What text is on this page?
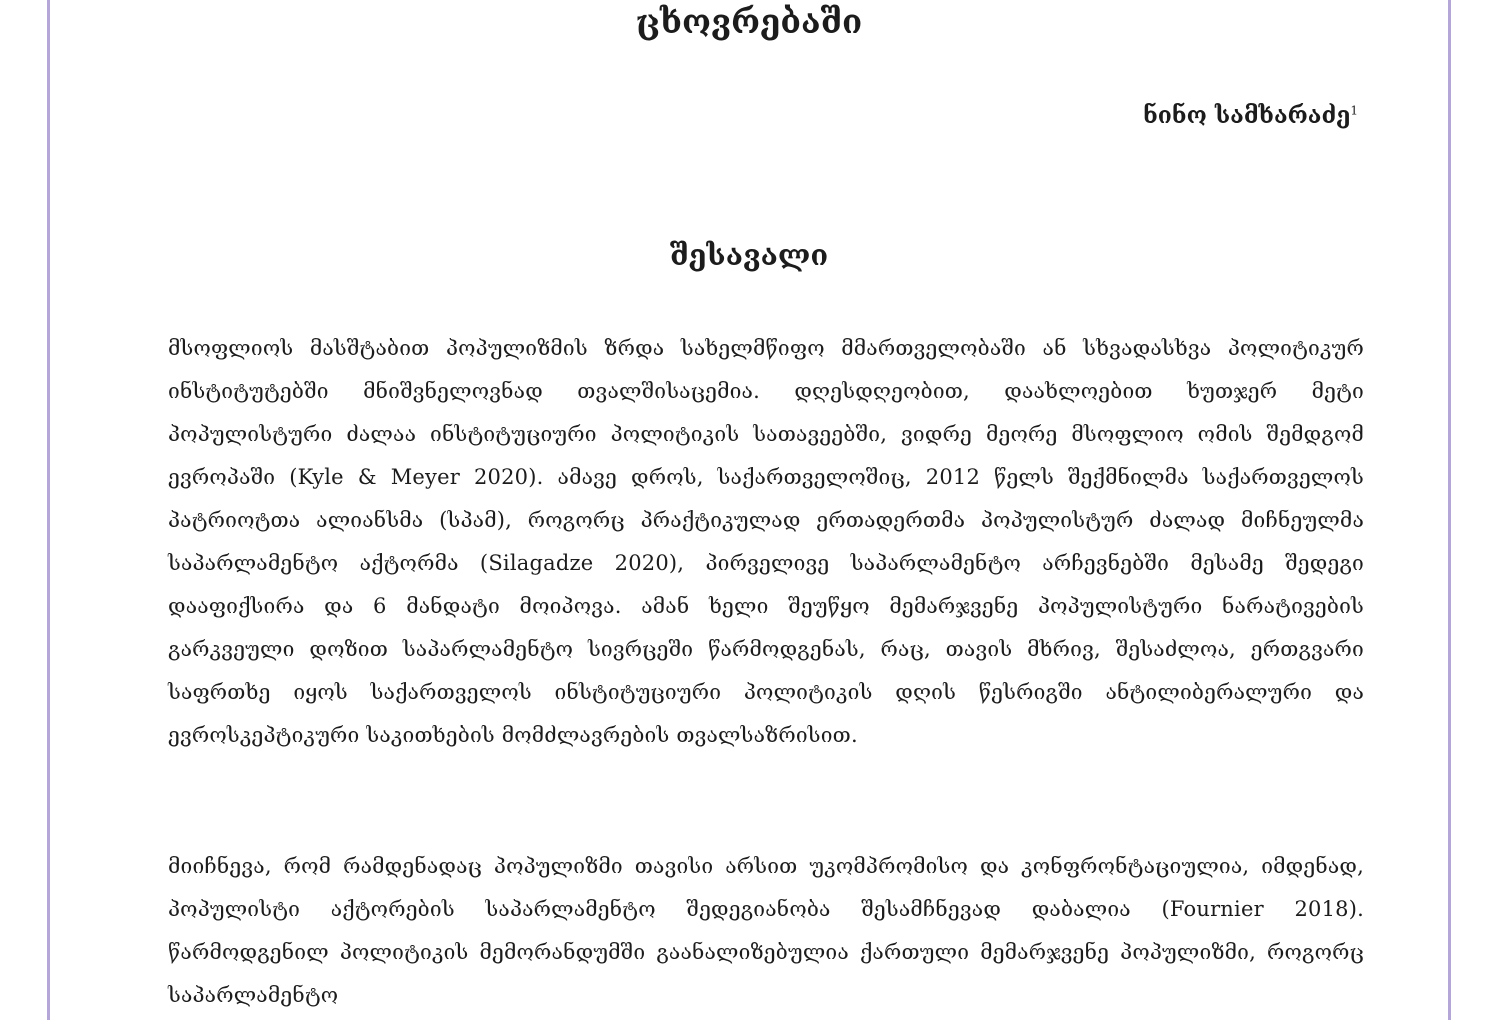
ცხოვრებაში

ნინო სამხარაძე$^1$

შესავალი

მსოფლიოს მასშტაბით პოპულიზმის ზრდა სახელმწიფო მმართველობაში ან სხვადასხვა პოლიტიკურ ინსტიტუტებში მნიშვნელოვნად თვალშისაცემია. დღესდღეობით, დაახლოებით ხუთჯერ მეტი პოპულისტური ძალაა ინსტიტუციური პოლიტიკის სათავეებში, ვიდრე მეორე მსოფლიო ომის შემდგომ ევროპაში (Kyle & Meyer 2020). ამავე დროს, საქართველოშიც, 2012 წელს შექმნილმა საქართველოს პატრიოტთა ალიანსმა (სპამ), როგორც პრაქტიკულად ერთადერთმა პოპულისტურ ძალად მიჩნეულმა საპარლამენტო აქტორმა (Silagadze 2020), პირველივე საპარლამენტო არჩევნებში მესამე შედეგი დააფიქსირა და 6 მანდატი მოიპოვა. ამან ხელი შეუწყო მემარჯვენე პოპულისტური ნარატივების გარკვეული დოზით საპარლამენტო სივრცეში წარმოდგენას, რაც, თავის მხრივ, შესაძლოა, ერთგვარი საფრთხე იყოს საქართველოს ინსტიტუციური პოლიტიკის დღის წესრიგში ანტილიბერალური და ევროსკეპტიკური საკითხების მომძლავრების თვალსაზრისით.

მიიჩნევა, რომ რამდენადაც პოპულიზმი თავისი არსით უკომპრომისო და კონფრონტაციულია, იმდენად, პოპულისტი აქტორების საპარლამენტო შედეგიანობა შესამჩნევად დაბალია (Fournier 2018). წარმოდგენილ პოლიტიკის მემორანდუმში გაანალიზებულია ქართული მემარჯვენე პოპულიზმი, როგორც საპარლამენტო
